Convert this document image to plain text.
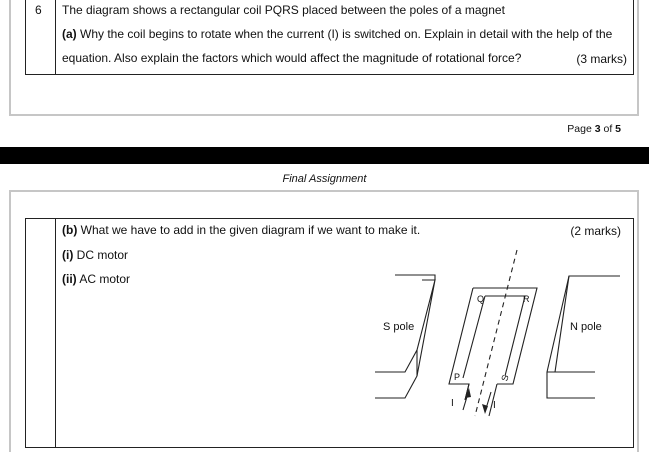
6 The diagram shows a rectangular coil PQRS placed between the poles of a magnet
(a) Why the coil begins to rotate when the current (I) is switched on. Explain in detail with the help of the
equation. Also explain the factors which would affect the magnitude of rotational force?	(3 marks)
Page 3 of 5
Final Assignment
(b) What we have to add in the given diagram if we want to make it.	(2 marks)
(i) DC motor
(ii) AC motor
S pole	N pole
P
Q	R
S
I	I
